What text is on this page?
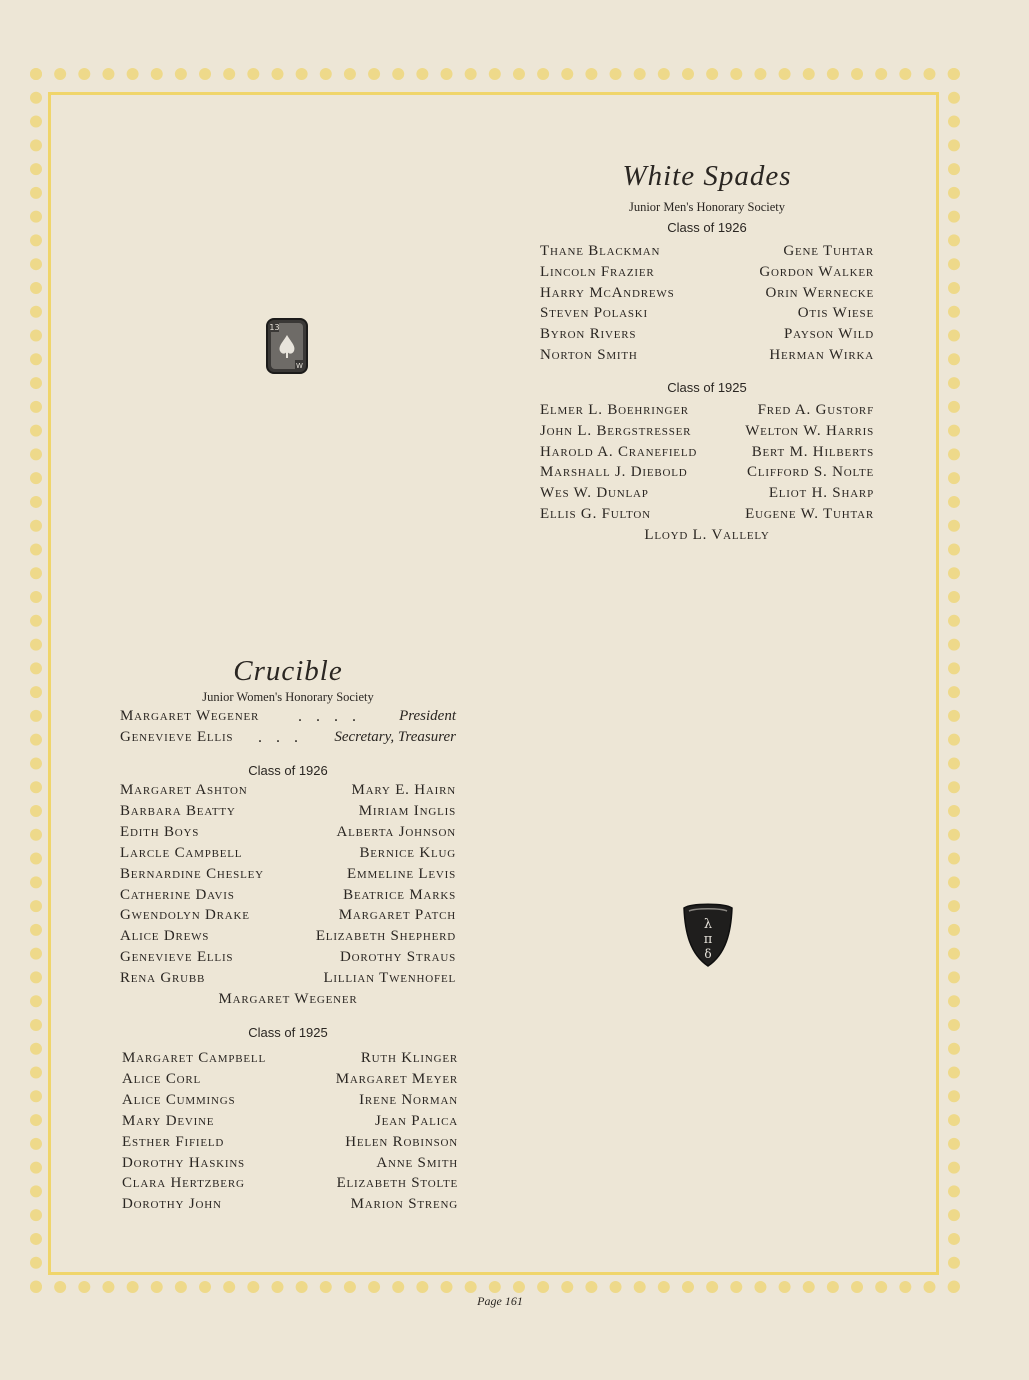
13
W
White Spades
Junior Men's Honorary Society
Class of 1926
Thane Blackman	Gene Tuhtar
Lincoln Frazier	Gordon Walker
Harry McAndrews	Orin Wernecke
Steven Polaski	Otis Wiese
Byron Rivers	Payson Wild
Norton Smith	Herman Wirka
Class of 1925
Elmer L. Boehringer	Fred A. Gustorf
John L. Bergstresser	Welton W. Harris
Harold A. Cranefield	Bert M. Hilberts
Marshall J. Diebold	Clifford S. Nolte
Wes W. Dunlap	Eliot H. Sharp
Ellis G. Fulton	Eugene W. Tuhtar
Lloyd L. Vallely
Crucible
Junior Women's Honorary Society
Margaret Wegener . . . .	President
Genevieve Ellis . . . Secretary, Treasurer
Class of 1926
Margaret Ashton	Mary E. Hairn
Barbara Beatty	Miriam Inglis
Edith Boys	Alberta Johnson
Larcle Campbell	Bernice Klug
Bernardine Chesley	Emmeline Levis
Catherine Davis	Beatrice Marks
Gwendolyn Drake	Margaret Patch
Alice Drews	Elizabeth Shepherd
Genevieve Ellis	Dorothy Straus
Rena Grubb	Lillian Twenhofel
Margaret Wegener
Class of 1925
Margaret Campbell	Ruth Klinger
Alice Corl	Margaret Meyer
Alice Cummings	Irene Norman
Mary Devine	Jean Palica
Esther Fifield	Helen Robinson
Dorothy Haskins	Anne Smith
Clara Hertzberg	Elizabeth Stolte
Dorothy John	Marion Streng
λ
π
δ
Page 161
